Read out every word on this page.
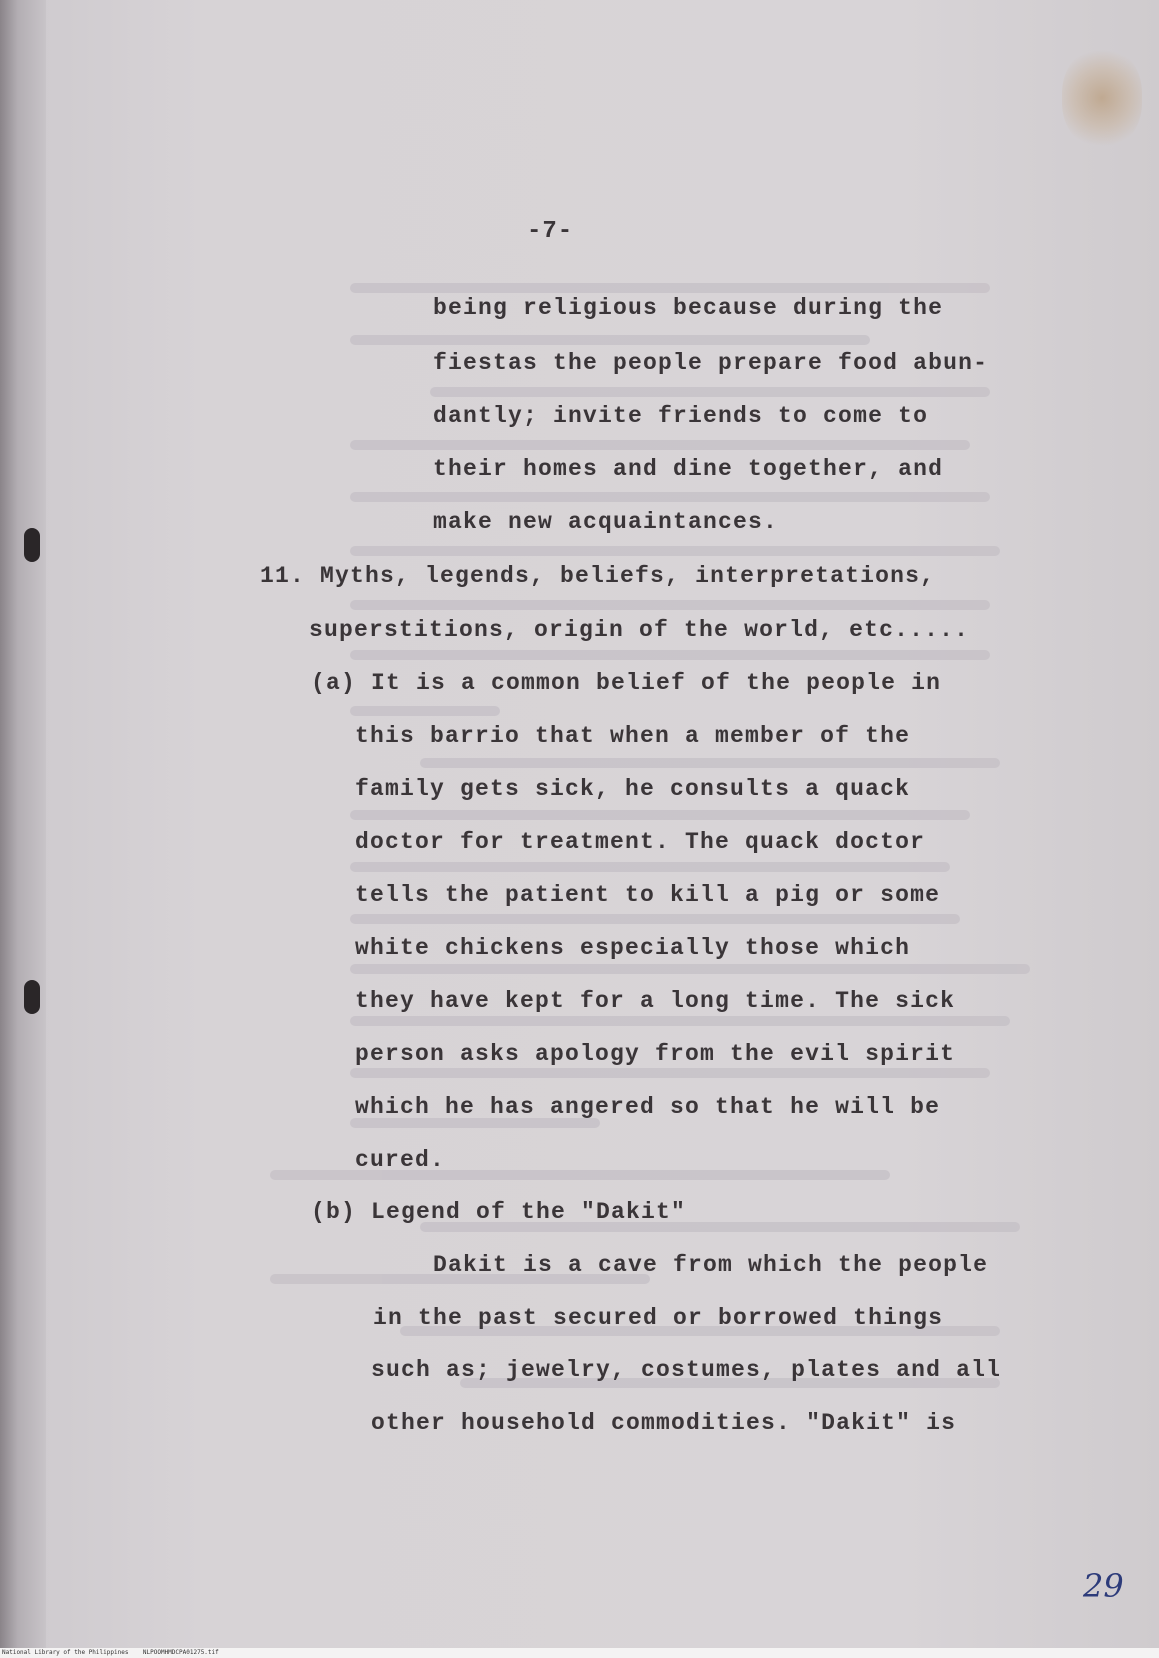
-7-
being religious because during the
fiestas the people prepare food abun-
dantly; invite friends to come to
their homes and dine together, and
make new acquaintances.
11. Myths, legends, beliefs, interpretations,
superstitions, origin of the world, etc.....
(a) It is a common belief of the people in
this barrio that when a member of the
family gets sick, he consults a quack
doctor for treatment. The quack doctor
tells the patient to kill a pig or some
white chickens especially those which
they have kept for a long time. The sick
person asks apology from the evil spirit
which he has angered so that he will be
cured.
(b) Legend of the "Dakit"
Dakit is a cave from which the people
in the past secured or borrowed things
such as; jewelry, costumes, plates and all
other household commodities. "Dakit" is
29
National Library of the Philippines NLPOOMHMDCPA01275.tif
